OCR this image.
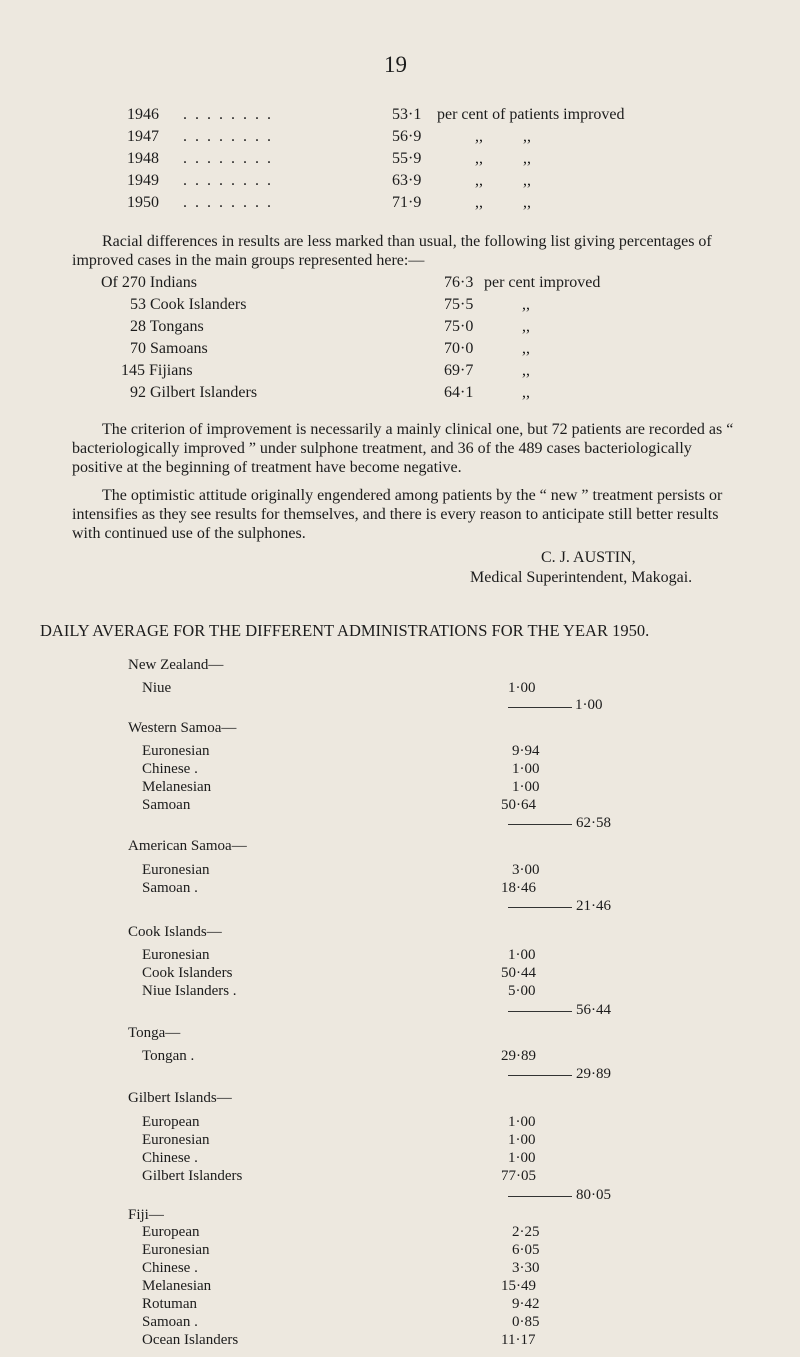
19
1946 . . . . . . . .	53·1 per cent of patients improved
1947 . . . . . . . .	56·9	,,          ,,
1948 . . . . . . . .	55·9	,,          ,,
1949 . . . . . . . .	63·9	,,          ,,
1950 . . . . . . . .	71·9	,,          ,,
Racial differences in results are less marked than usual, the following list giving percentages of improved cases in the main groups represented here:—
Of 270 Indians	76·3 per cent improved
53 Cook Islanders	75·5	,,
28 Tongans	75·0	,,
70 Samoans	70·0	,,
145 Fijians	69·7	,,
92 Gilbert Islanders	64·1	,,
The criterion of improvement is necessarily a mainly clinical one, but 72 patients are recorded as “ bacteriologically improved ” under sulphone treatment, and 36 of the 489 cases bacteriologically positive at the beginning of treatment have become negative.
The optimistic attitude originally engendered among patients by the “ new ” treatment persists or intensifies as they see results for themselves, and there is every reason to anticipate still better results with continued use of the sulphones.
C. J. AUSTIN,
Medical Superintendent, Makogai.
DAILY AVERAGE FOR THE DIFFERENT ADMINISTRATIONS FOR THE YEAR 1950.
New Zealand—
Niue	1·00
1·00
Western Samoa—
Euronesian	9·94
Chinese .	1·00
Melanesian	1·00
Samoan	50·64
62·58
American Samoa—
Euronesian	3·00
Samoan .	18·46
21·46
Cook Islands—
Euronesian	1·00
Cook Islanders	50·44
Niue Islanders .	5·00
56·44
Tonga—
Tongan .	29·89
29·89
Gilbert Islands—
European	1·00
Euronesian	1·00
Chinese .	1·00
Gilbert Islanders	77·05
80·05
Fiji—
European	2·25
Euronesian	6·05
Chinese .	3·30
Melanesian	15·49
Rotuman	9·42
Samoan .	0·85
Ocean Islanders	11·17
